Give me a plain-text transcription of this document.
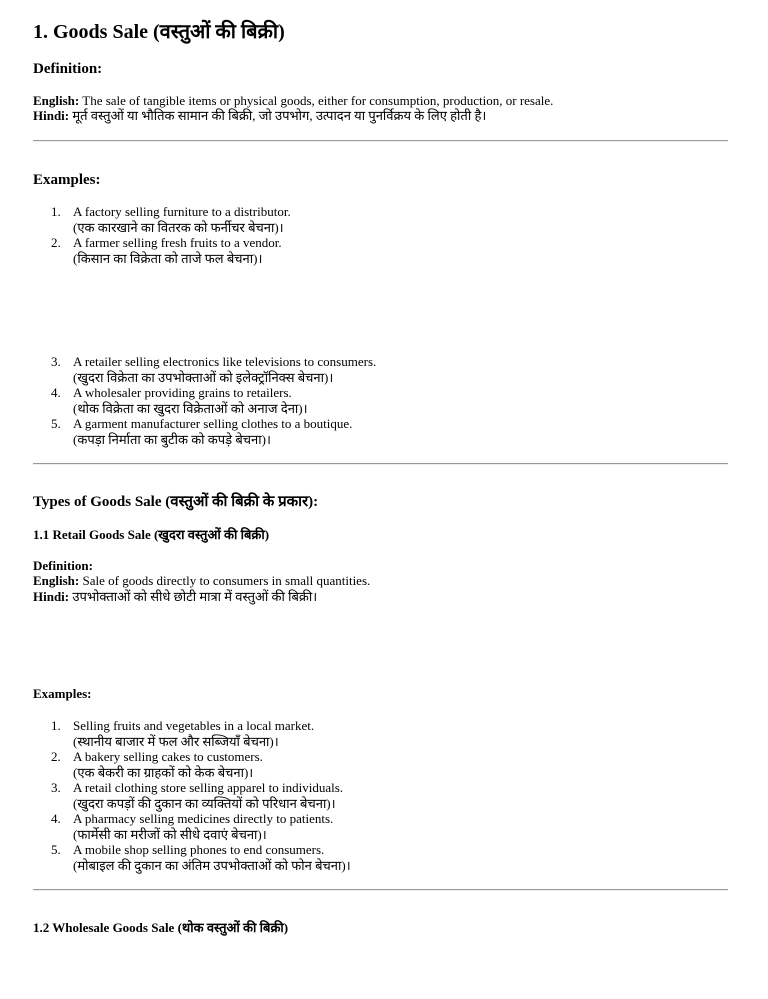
1. Goods Sale (वस्तुओं की बिक्री)
Definition:
English: The sale of tangible items or physical goods, either for consumption, production, or resale.
Hindi: मूर्त वस्तुओं या भौतिक सामान की बिक्री, जो उपभोग, उत्पादन या पुनर्विक्रय के लिए होती है।
Examples:
1. A factory selling furniture to a distributor.
(एक कारखाने का वितरक को फर्नीचर बेचना)।
2. A farmer selling fresh fruits to a vendor.
(किसान का विक्रेता को ताजे फल बेचना)।
3. A retailer selling electronics like televisions to consumers.
(खुदरा विक्रेता का उपभोक्ताओं को इलेक्ट्रॉनिक्स बेचना)।
4. A wholesaler providing grains to retailers.
(थोक विक्रेता का खुदरा विक्रेताओं को अनाज देना)।
5. A garment manufacturer selling clothes to a boutique.
(कपड़ा निर्माता का बुटीक को कपड़े बेचना)।
Types of Goods Sale (वस्तुओं की बिक्री के प्रकार):
1.1 Retail Goods Sale (खुदरा वस्तुओं की बिक्री)
Definition:
English: Sale of goods directly to consumers in small quantities.
Hindi: उपभोक्ताओं को सीधे छोटी मात्रा में वस्तुओं की बिक्री।
Examples:
1. Selling fruits and vegetables in a local market.
(स्थानीय बाजार में फल और सब्जियाँ बेचना)।
2. A bakery selling cakes to customers.
(एक बेकरी का ग्राहकों को केक बेचना)।
3. A retail clothing store selling apparel to individuals.
(खुदरा कपड़ों की दुकान का व्यक्तियों को परिधान बेचना)।
4. A pharmacy selling medicines directly to patients.
(फार्मेसी का मरीजों को सीधे दवाएं बेचना)।
5. A mobile shop selling phones to end consumers.
(मोबाइल की दुकान का अंतिम उपभोक्ताओं को फोन बेचना)।
1.2 Wholesale Goods Sale (थोक वस्तुओं की बिक्री)
